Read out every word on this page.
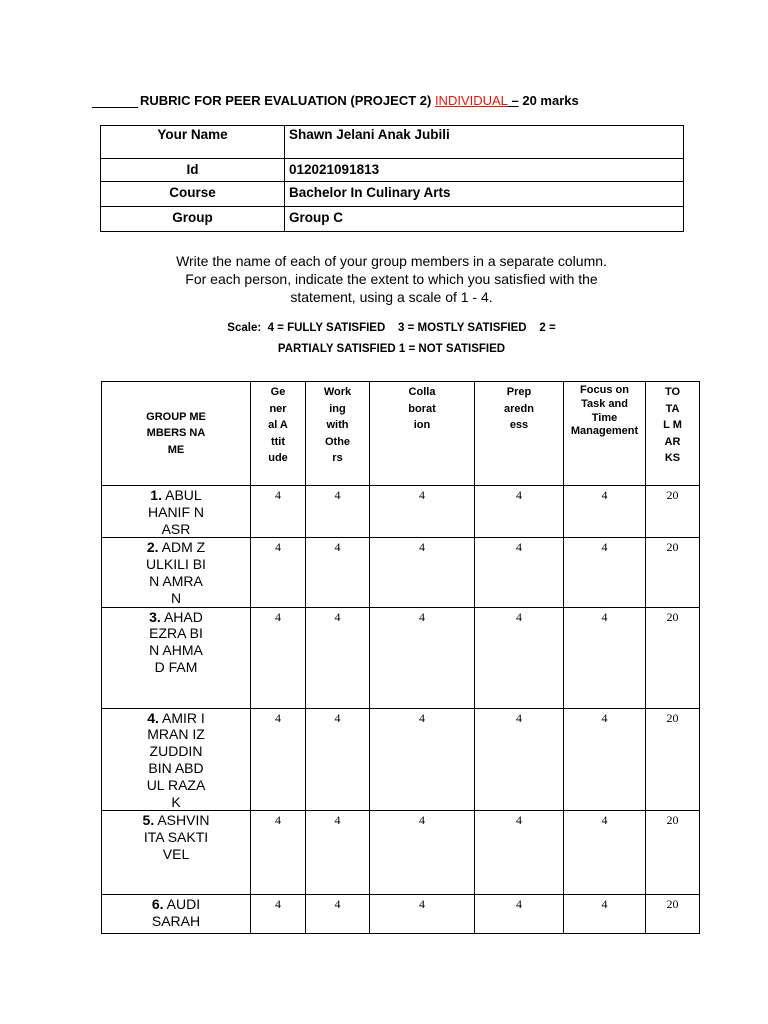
RUBRIC FOR PEER EVALUATION (PROJECT 2) INDIVIDUAL – 20 marks
Your Name	Shawn Jelani Anak Jubili
Id	012021091813
Course	Bachelor In Culinary Arts
Group	Group C
Write the name of each of your group members in a separate column.
For each person, indicate the extent to which you satisfied with the
statement, using a scale of 1 - 4.
Scale:  4 = FULLY SATISFIED    3 = MOSTLY SATISFIED    2 =
PARTIALY SATISFIED 1 = NOT SATISFIED
GROUP MEMBERS NAME	General Attitude	Working with Others	Collaboration	Preparedness	Focus on Task and Time Management	TOTAL MARKS

1. ABUL HANIF NASR	4	4	4	4	4	20

2. ADM ZULKILI BIN AMRAN	4	4	4	4	4	20

3. AHAD EZRA BIN AHMAD FAM	4	4	4	4	4	20

4. AMIR IMRAN IZZUDDIN BIN ABDUL RAZAK	4	4	4	4	4	20

5. ASHVINITA SAKTIVEL	4	4	4	4	4	20

6. AUDI SARAH	4	4	4	4	4	20
